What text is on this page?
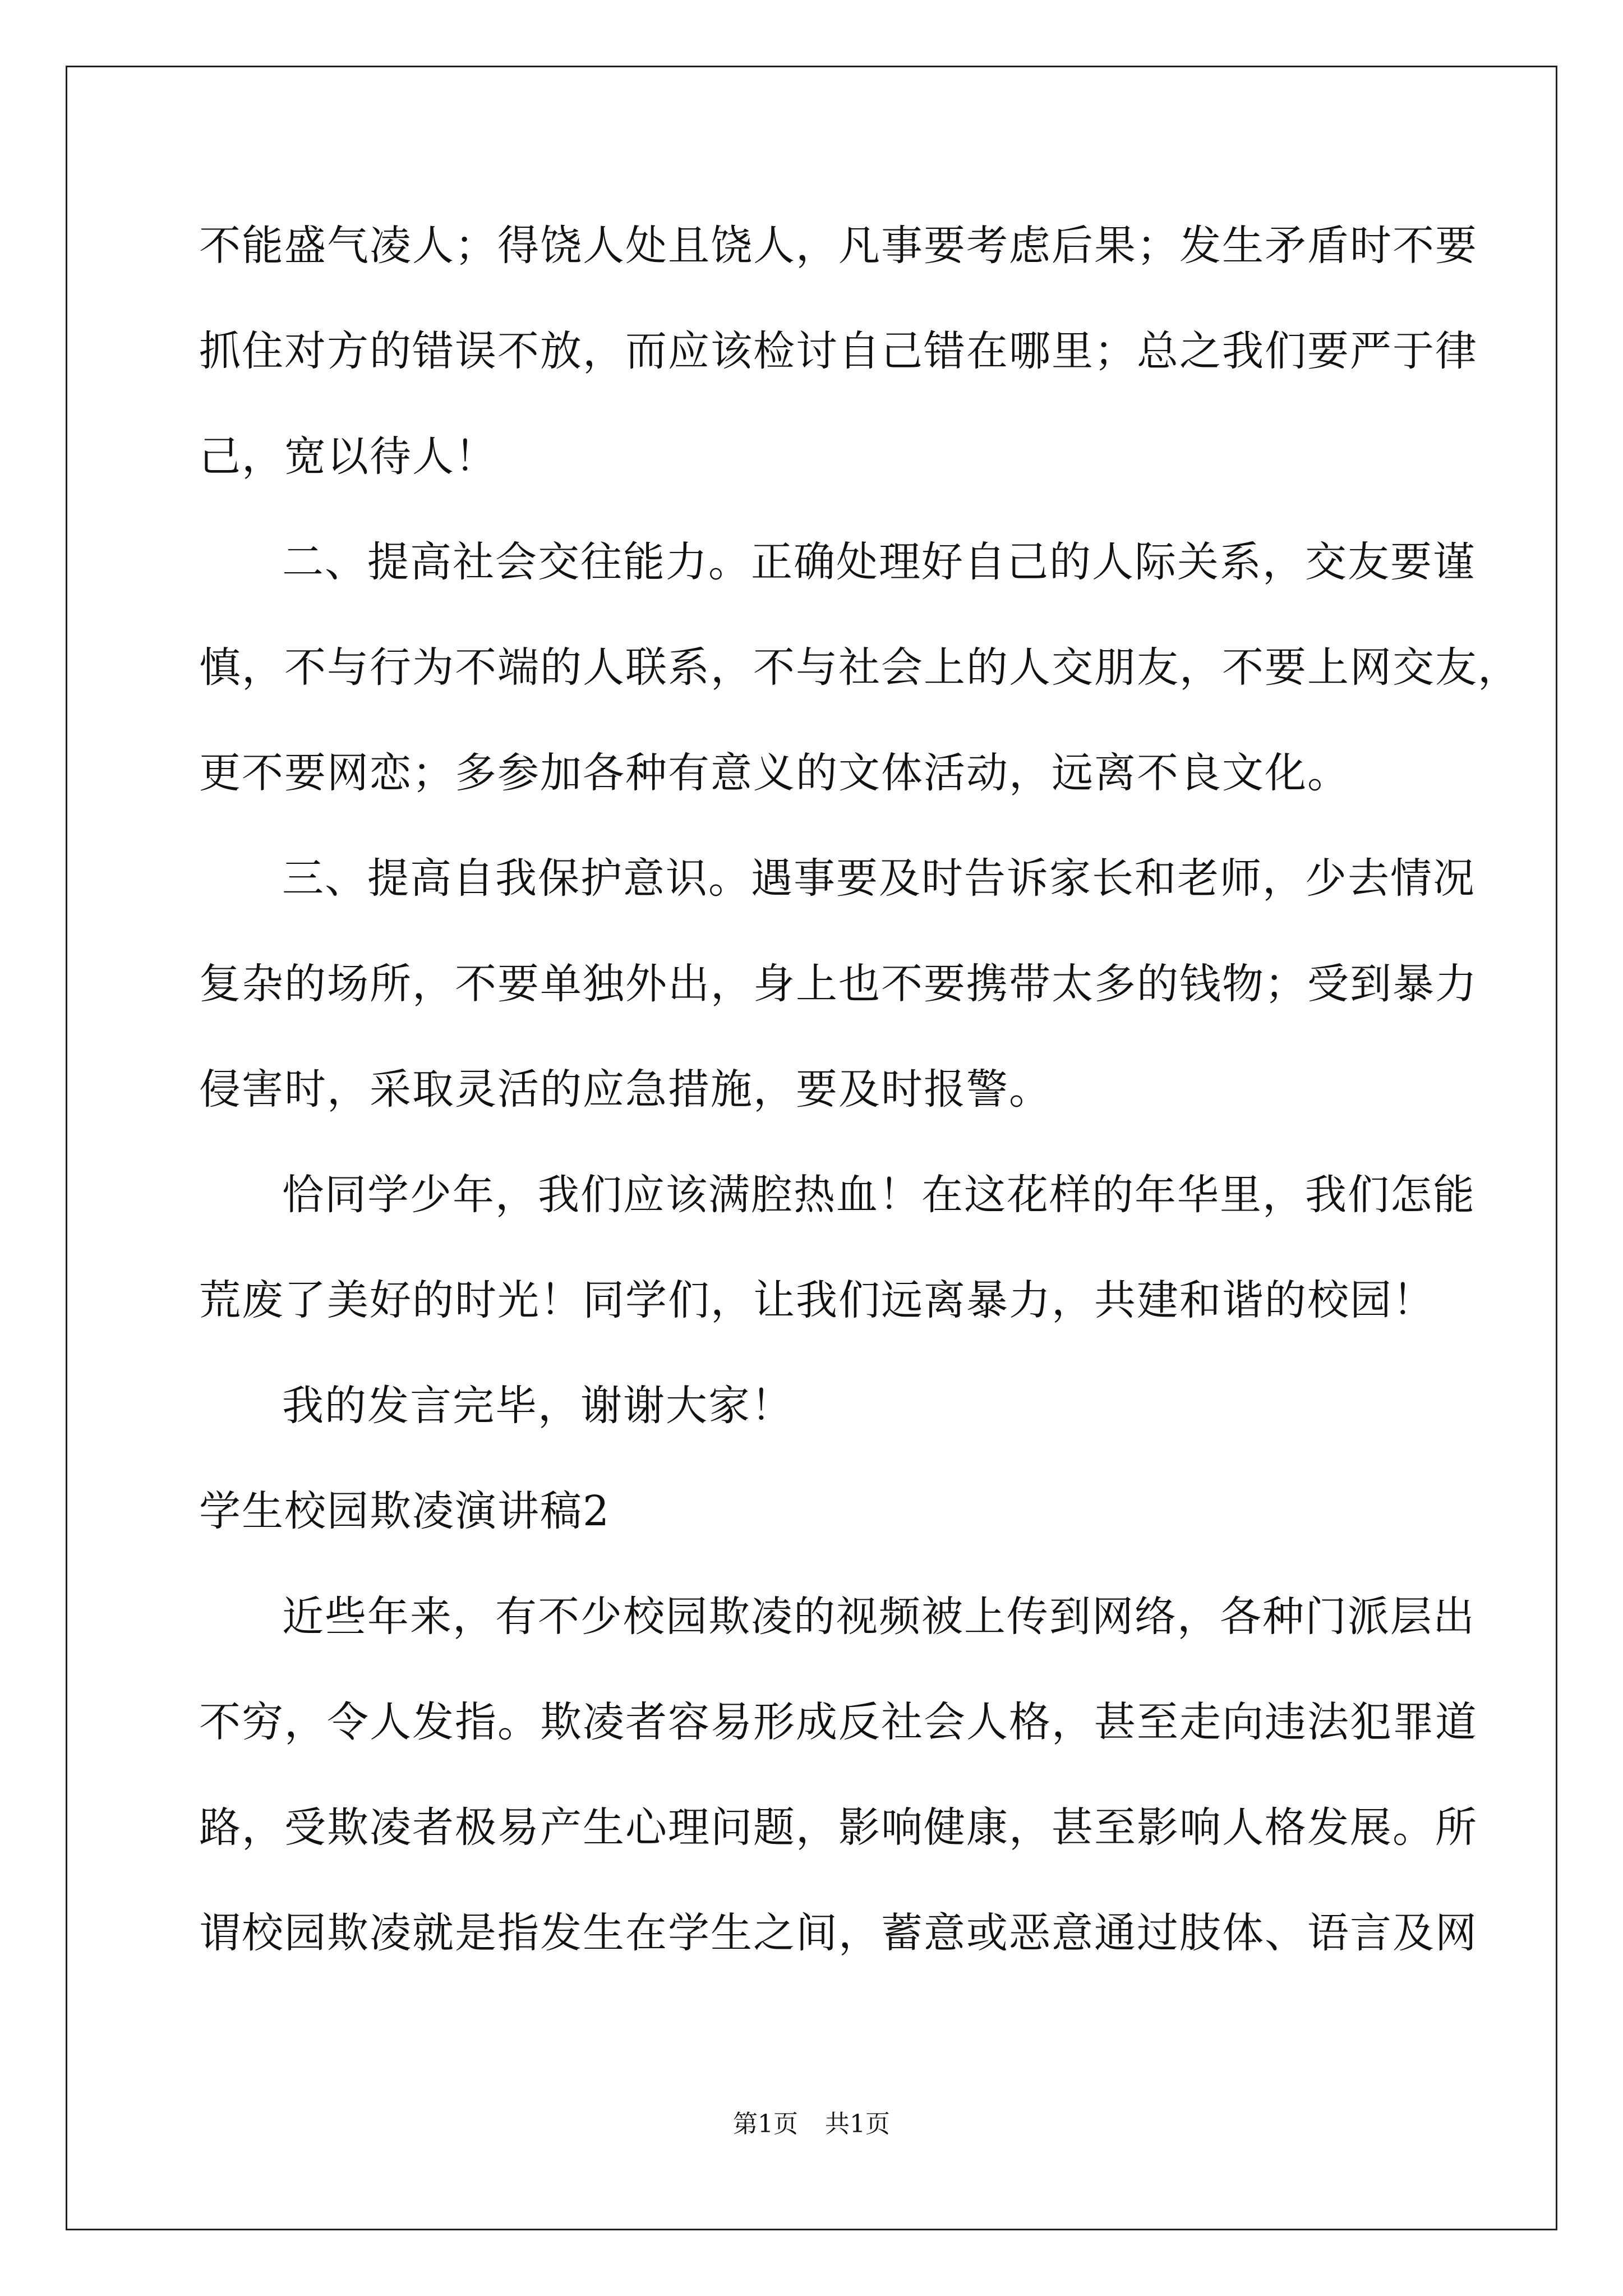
不能盛气凌人；得饶人处且饶人，凡事要考虑后果；发生矛盾时不要
抓住对方的错误不放，而应该检讨自己错在哪里；总之我们要严于律
己，宽以待人！
二、提高社会交往能力。正确处理好自己的人际关系，交友要谨
慎，不与行为不端的人联系，不与社会上的人交朋友，不要上网交友，
更不要网恋；多参加各种有意义的文体活动，远离不良文化。
三、提高自我保护意识。遇事要及时告诉家长和老师，少去情况
复杂的场所，不要单独外出，身上也不要携带太多的钱物；受到暴力
侵害时，采取灵活的应急措施，要及时报警。
恰同学少年，我们应该满腔热血！在这花样的年华里，我们怎能
荒废了美好的时光！同学们，让我们远离暴力，共建和谐的校园！
我的发言完毕，谢谢大家！
学生校园欺凌演讲稿2
近些年来，有不少校园欺凌的视频被上传到网络，各种门派层出
不穷，令人发指。欺凌者容易形成反社会人格，甚至走向违法犯罪道
路，受欺凌者极易产生心理问题，影响健康，甚至影响人格发展。所
谓校园欺凌就是指发生在学生之间，蓄意或恶意通过肢体、语言及网
第1页 共1页
